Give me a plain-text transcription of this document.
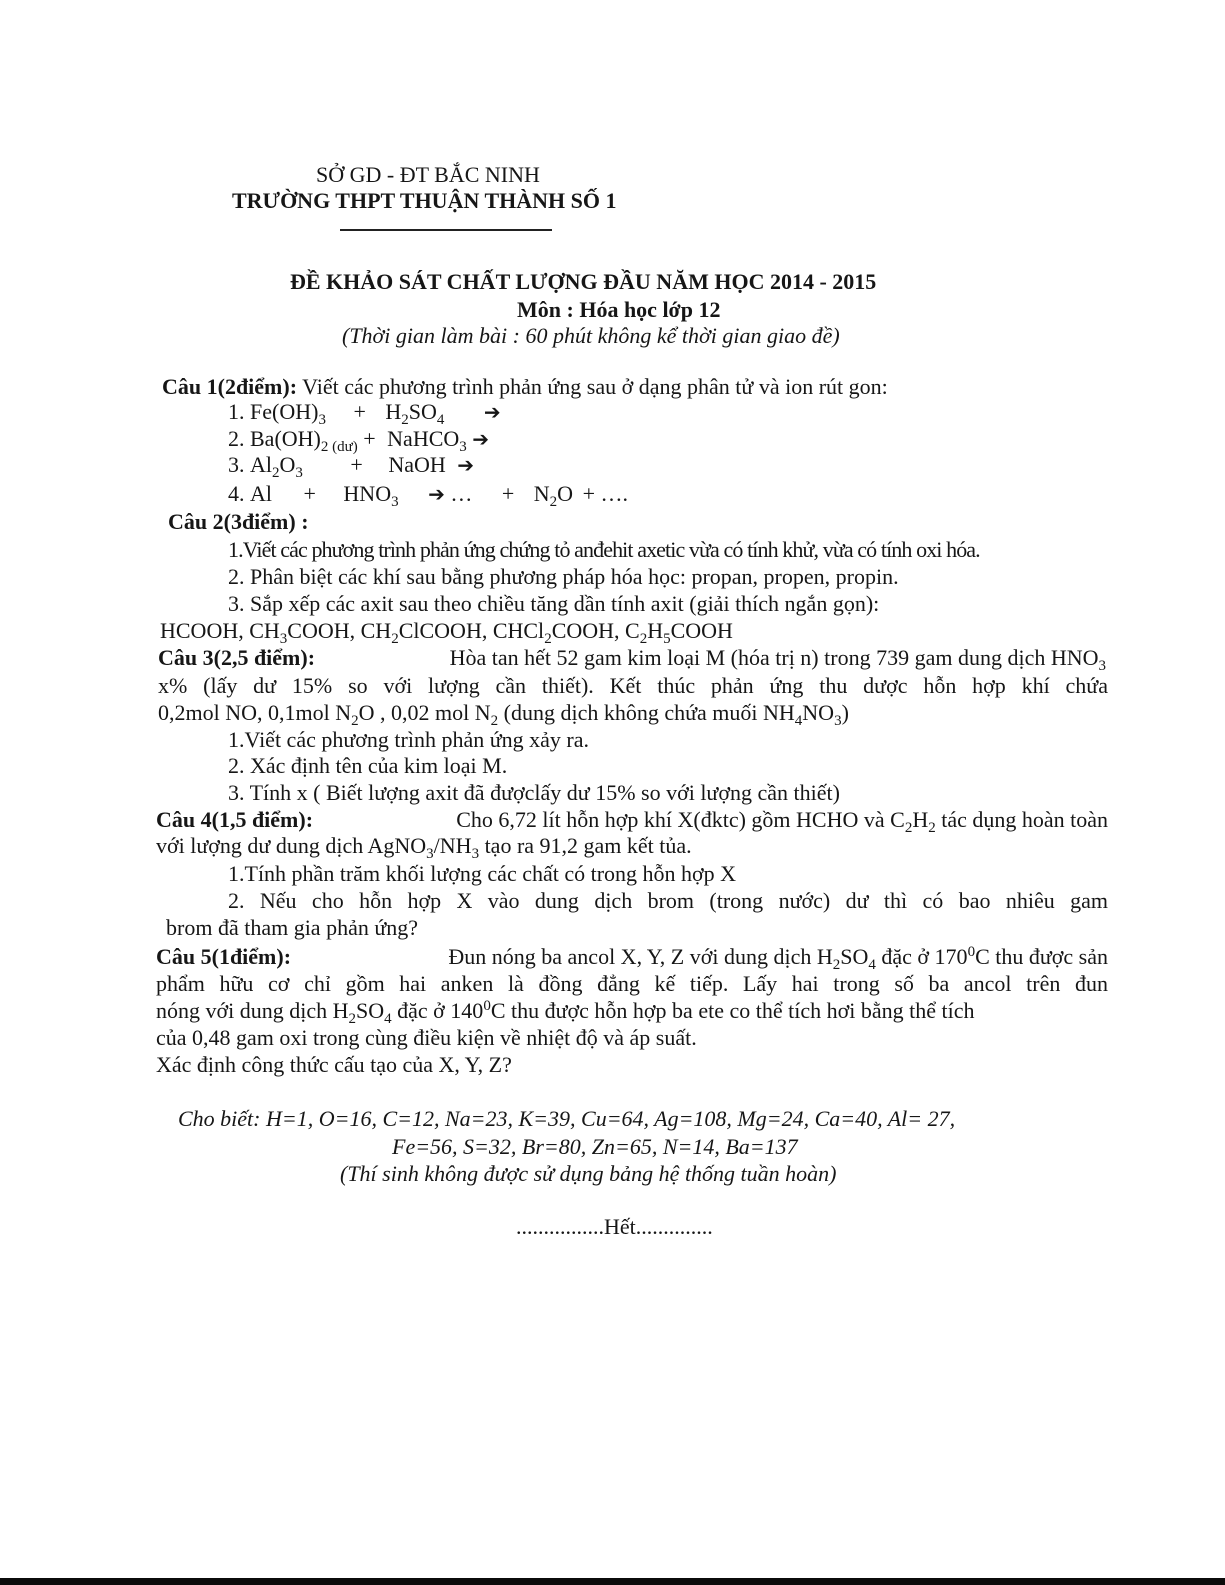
SỞ GD - ĐT BẮC NINH
TRƯỜNG THPT THUẬN THÀNH SỐ 1
ĐỀ KHẢO SÁT CHẤT LƯỢNG ĐẦU NĂM HỌC 2014 - 2015
Môn : Hóa học lớp 12
(Thời gian làm bài : 60 phút không kể thời gian giao đề)
Câu 1(2điểm): Viết các phương trình phản ứng sau ở dạng phân tử và ion rút gon:
1. $Fe(OH)_3 + H_2SO_4$ ➔
2. $Ba(OH)_{2 (dư)}$ + NaHCO$_3$ ➔
3. $Al_2O_3$ + NaOH ➔
4. $Al + HNO_3$ ➔ … + $N_2O$ + ….
Câu 2(3điểm) :
1.Viết các phương trình phản ứng chứng tỏ anđehit axetic vừa có tính khử, vừa có tính oxi hóa.
2. Phân biệt các khí sau bằng phương pháp hóa học: propan, propen, propin.
3. Sắp xếp các axit sau theo chiều tăng dần tính axit (giải thích ngắn gọn):
HCOOH, $CH_3COOH$, $CH_2ClCOOH$, CHCl$_2$COOH, $C_2H_5COOH$
Câu 3(2,5 điểm):	Hòa tan hết 52 gam kim loại M (hóa trị n) trong 739 gam dung dịch $HNO_3$
x% (lấy dư 15% so với lượng cần thiết). Kết thúc phản ứng thu dược hỗn hợp khí chứa
0,2mol NO, 0,1mol $N_2O$ , 0,02 mol $N_2$ (dung dịch không chứa muối $NH_4NO_3$)
1.Viết các phương trình phản ứng xảy ra.
2. Xác định tên của kim loại M.
3. Tính x ( Biết lượng axit đã đượclấy dư 15% so với lượng cần thiết)
Câu 4(1,5 điểm):	Cho 6,72 lít hỗn hợp khí X(đktc) gồm HCHO và $C_2H_2$ tác dụng hoàn toàn
với lượng dư dung dịch $AgNO_3/NH_3$ tạo ra 91,2 gam kết tủa.
1.Tính phần trăm khối lượng các chất có trong hỗn hợp X
2. Nếu cho hỗn hợp X vào dung dịch brom (trong nước) dư thì có bao nhiêu gam
brom đã tham gia phản ứng?
Câu 5(1điểm):	Đun nóng ba ancol X, Y, Z với dung dịch $H_2SO_4$ đặc ở $170^0C$ thu được sản
phẩm hữu cơ chỉ gồm hai anken là đồng đẳng kế tiếp. Lấy hai trong số ba ancol trên đun
nóng với dung dịch $H_2SO_4$ đặc ở $140^0C$ thu được hỗn hợp ba ete co thể tích hơi bằng thể tích
của 0,48 gam oxi trong cùng điều kiện về nhiệt độ và áp suất.
Xác định công thức cấu tạo của X, Y, Z?
Cho biết: H=1, O=16, C=12, Na=23, K=39, Cu=64, Ag=108, Mg=24, Ca=40, Al= 27,
Fe=56, S=32, Br=80, Zn=65, N=14, Ba=137
(Thí sinh không được sử dụng bảng hệ thống tuần hoàn)
................Hết..............
